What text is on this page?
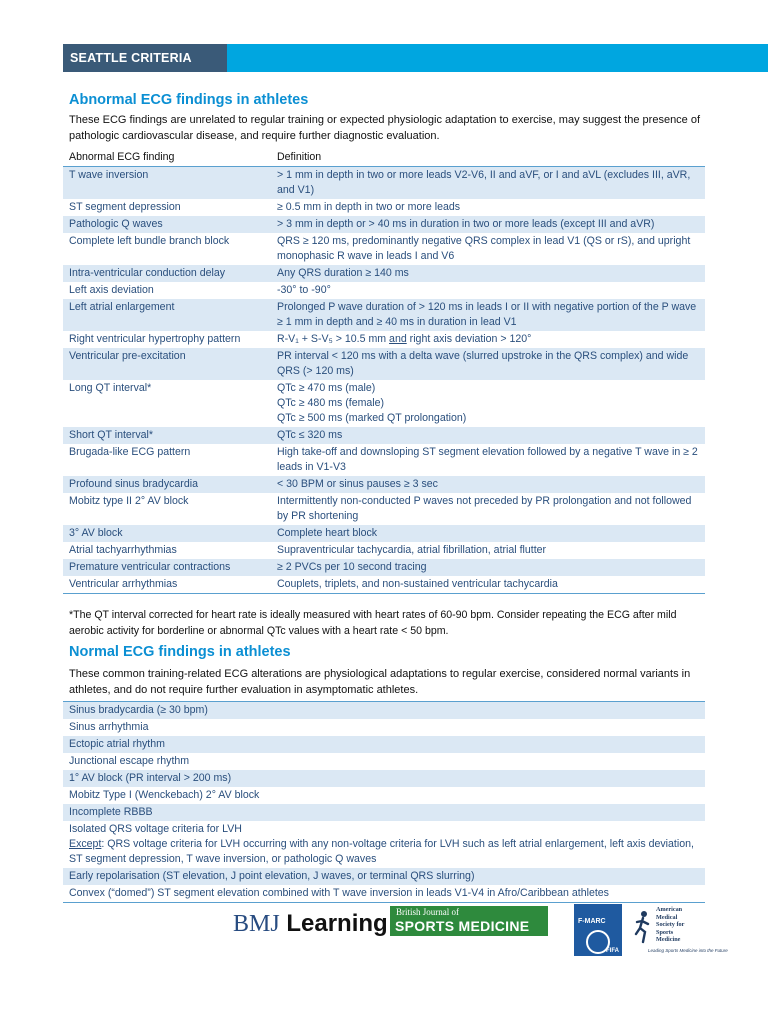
SEATTLE CRITERIA
Abnormal ECG findings in athletes
These ECG findings are unrelated to regular training or expected physiologic adaptation to exercise, may suggest the presence of pathologic cardiovascular disease, and require further diagnostic evaluation.
Abnormal ECG finding	Definition
T wave inversion	> 1 mm in depth in two or more leads V2-V6, II and aVF, or I and aVL (excludes III, aVR, and V1)
ST segment depression	≥ 0.5 mm in depth in two or more leads
Pathologic Q waves	> 3 mm in depth or > 40 ms in duration in two or more leads (except III and aVR)
Complete left bundle branch block	QRS ≥ 120 ms, predominantly negative QRS complex in lead V1 (QS or rS), and upright monophasic R wave in leads I and V6
Intra-ventricular conduction delay	Any QRS duration ≥ 140 ms
Left axis deviation	-30° to -90°
Left atrial enlargement	Prolonged P wave duration of > 120 ms in leads I or II with negative portion of the P wave ≥ 1 mm in depth and ≥ 40 ms in duration in lead V1
Right ventricular hypertrophy pattern	R-V₁ + S-V₅ > 10.5 mm and right axis deviation > 120°
Ventricular pre-excitation	PR interval < 120 ms with a delta wave (slurred upstroke in the QRS complex) and wide QRS (> 120 ms)
Long QT interval*	QTc ≥ 470 ms (male)
QTc ≥ 480 ms (female)
QTc ≥ 500 ms (marked QT prolongation)

Short QT interval*	QTc ≤ 320 ms
Brugada-like ECG pattern	High take-off and downsloping ST segment elevation followed by a negative T wave in ≥ 2 leads in V1-V3
Profound sinus bradycardia	< 30 BPM or sinus pauses ≥ 3 sec
Mobitz type II 2° AV block	Intermittently non-conducted P waves not preceded by PR prolongation and not followed by PR shortening
3° AV block	Complete heart block
Atrial tachyarrhythmias	Supraventricular tachycardia, atrial fibrillation, atrial flutter
Premature ventricular contractions	≥ 2 PVCs per 10 second tracing
Ventricular arrhythmias	Couplets, triplets, and non-sustained ventricular tachycardia
*The QT interval corrected for heart rate is ideally measured with heart rates of 60-90 bpm. Consider repeating the ECG after mild aerobic activity for borderline or abnormal QTc values with a heart rate < 50 bpm.
Normal ECG findings in athletes
These common training-related ECG alterations are physiological adaptations to regular exercise, considered normal variants in athletes, and do not require further evaluation in asymptomatic athletes.
Sinus bradycardia (≥ 30 bpm)
Sinus arrhythmia
Ectopic atrial rhythm
Junctional escape rhythm
1° AV block (PR interval > 200 ms)
Mobitz Type I (Wenckebach) 2° AV block
Incomplete RBBB

Isolated QRS voltage criteria for LVH
Except: QRS voltage criteria for LVH occurring with any non-voltage criteria for LVH such as left atrial enlargement, left axis deviation, ST segment depression, T wave inversion, or pathologic Q waves

Early repolarisation (ST elevation, J point elevation, J waves, or terminal QRS slurring)
Convex (“domed”) ST segment elevation combined with T wave inversion in leads V1-V4 in Afro/Caribbean athletes
BMJ Learning British Journal of
SPORTS MEDICINE	F-MARC
FIFA
American
Medical
Society for
Sports
Medicine
Leading Sports Medicine into the Future
